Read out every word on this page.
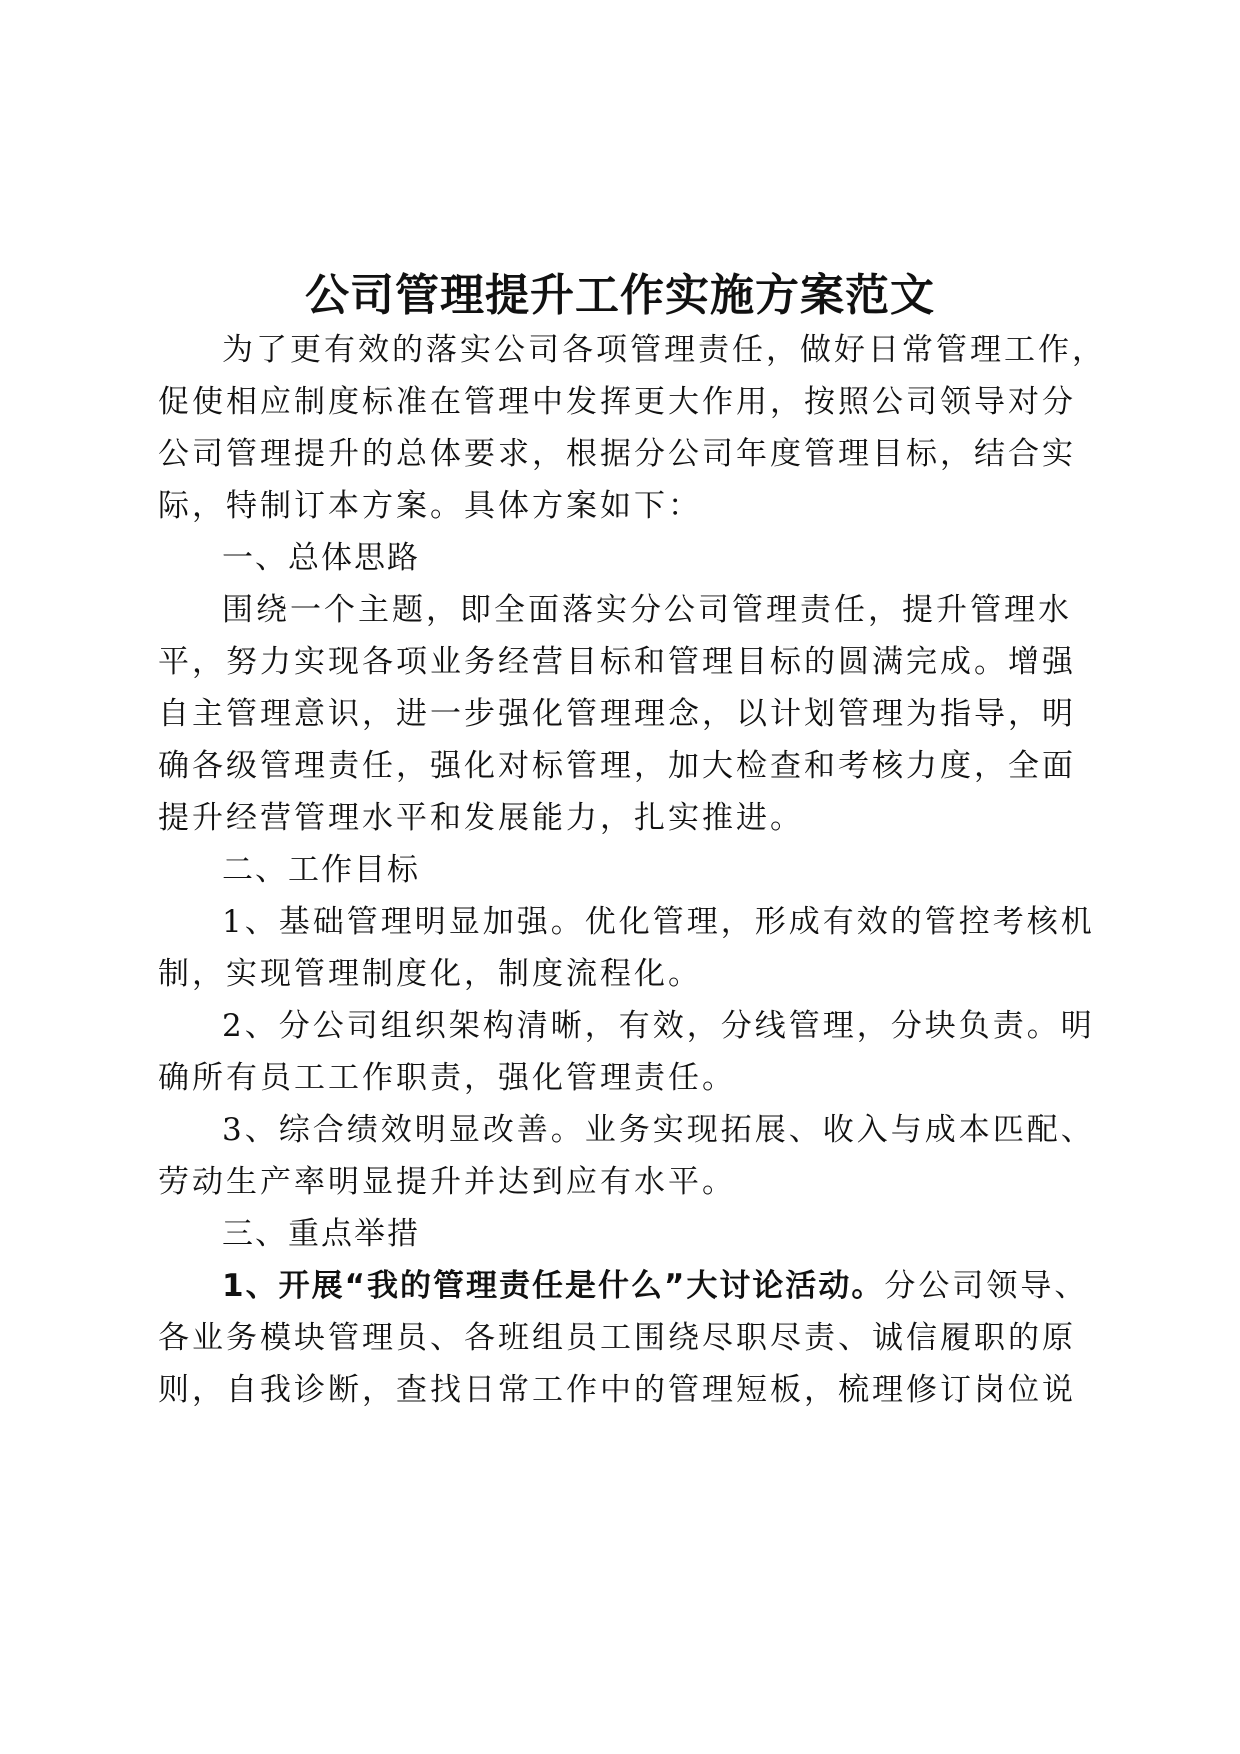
公司管理提升工作实施方案范文
为了更有效的落实公司各项管理责任，做好日常管理工作，
促使相应制度标准在管理中发挥更大作用，按照公司领导对分
公司管理提升的总体要求，根据分公司年度管理目标，结合实
际，特制订本方案。具体方案如下：
一、总体思路
围绕一个主题，即全面落实分公司管理责任，提升管理水
平，努力实现各项业务经营目标和管理目标的圆满完成。增强
自主管理意识，进一步强化管理理念，以计划管理为指导，明
确各级管理责任，强化对标管理，加大检查和考核力度，全面
提升经营管理水平和发展能力，扎实推进。
二、工作目标
1、基础管理明显加强。优化管理，形成有效的管控考核机
制，实现管理制度化，制度流程化。
2、分公司组织架构清晰，有效，分线管理，分块负责。明
确所有员工工作职责，强化管理责任。
3、综合绩效明显改善。业务实现拓展、收入与成本匹配、
劳动生产率明显提升并达到应有水平。
三、重点举措
1、开展“我的管理责任是什么”大讨论活动。分公司领导、
各业务模块管理员、各班组员工围绕尽职尽责、诚信履职的原
则，自我诊断，查找日常工作中的管理短板，梳理修订岗位说
